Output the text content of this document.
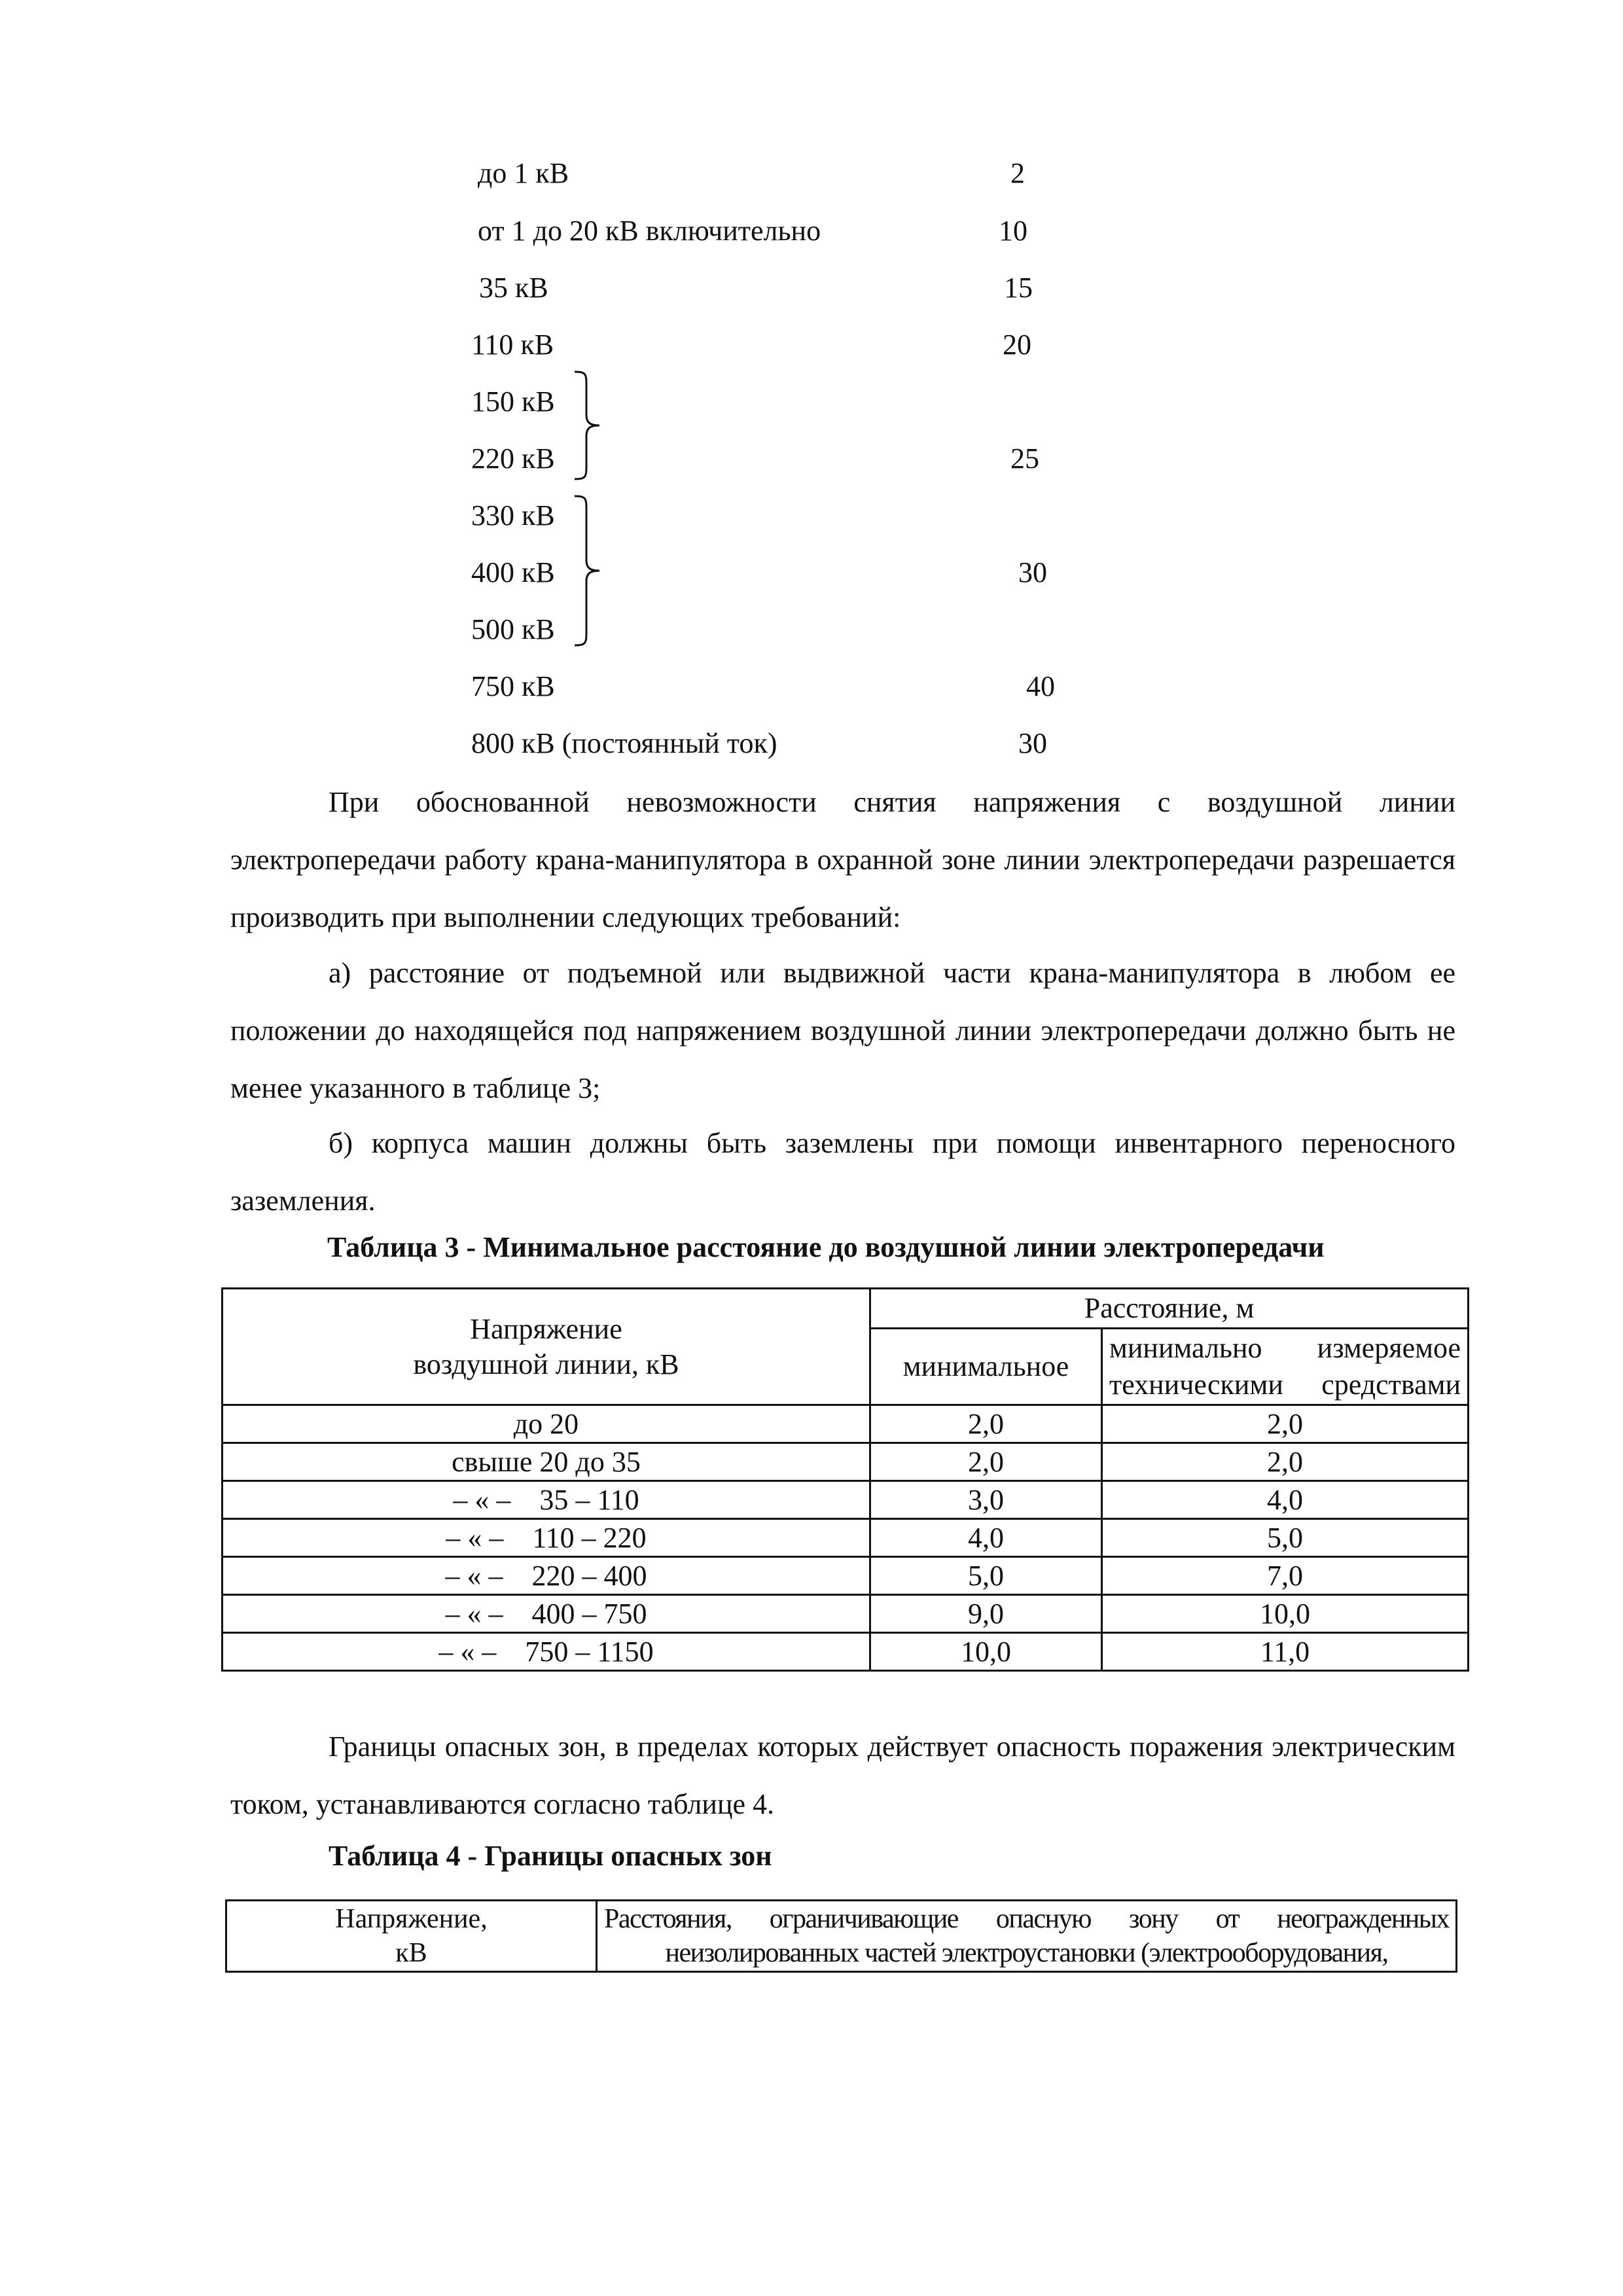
до 1 кВ	2
от 1 до 20 кВ включительно	10
35 кВ	15
110 кВ	20
150 кВ
220 кВ	25
330 кВ
400 кВ	30
500 кВ
750 кВ	40
800 кВ (постоянный ток)	30

При обоснованной невозможности снятия напряжения с воздушной линии электропередачи работу крана-манипулятора в охранной зоне линии электропередачи разрешается производить при выполнении следующих требований:

а) расстояние от подъемной или выдвижной части крана-манипулятора в любом ее положении до находящейся под напряжением воздушной линии электропередачи должно быть не менее указанного в таблице 3;

б) корпуса машин должны быть заземлены при помощи инвентарного переносного заземления.

Таблица 3 - Минимальное расстояние до воздушной линии электропередачи

Напряжение
воздушной линии, кВ	Расстояние, м	
	минимальное	минимально измеряемое техническими средствами
до 20	2,0	2,0
свыше 20 до 35	2,0	2,0
– « –    35 – 110	3,0	4,0
– « –    110 – 220	4,0	5,0
– « –    220 – 400	5,0	7,0
– « –    400 – 750	9,0	10,0
– « –    750 – 1150	10,0	11,0

Границы опасных зон, в пределах которых действует опасность поражения электрическим током, устанавливаются согласно таблице 4.

Таблица 4 - Границы опасных зон

Напряжение,
кВ
	Расстояния, ограничивающие опасную зону от неогражденных неизолированных частей электроустановки (электрооборудования,
